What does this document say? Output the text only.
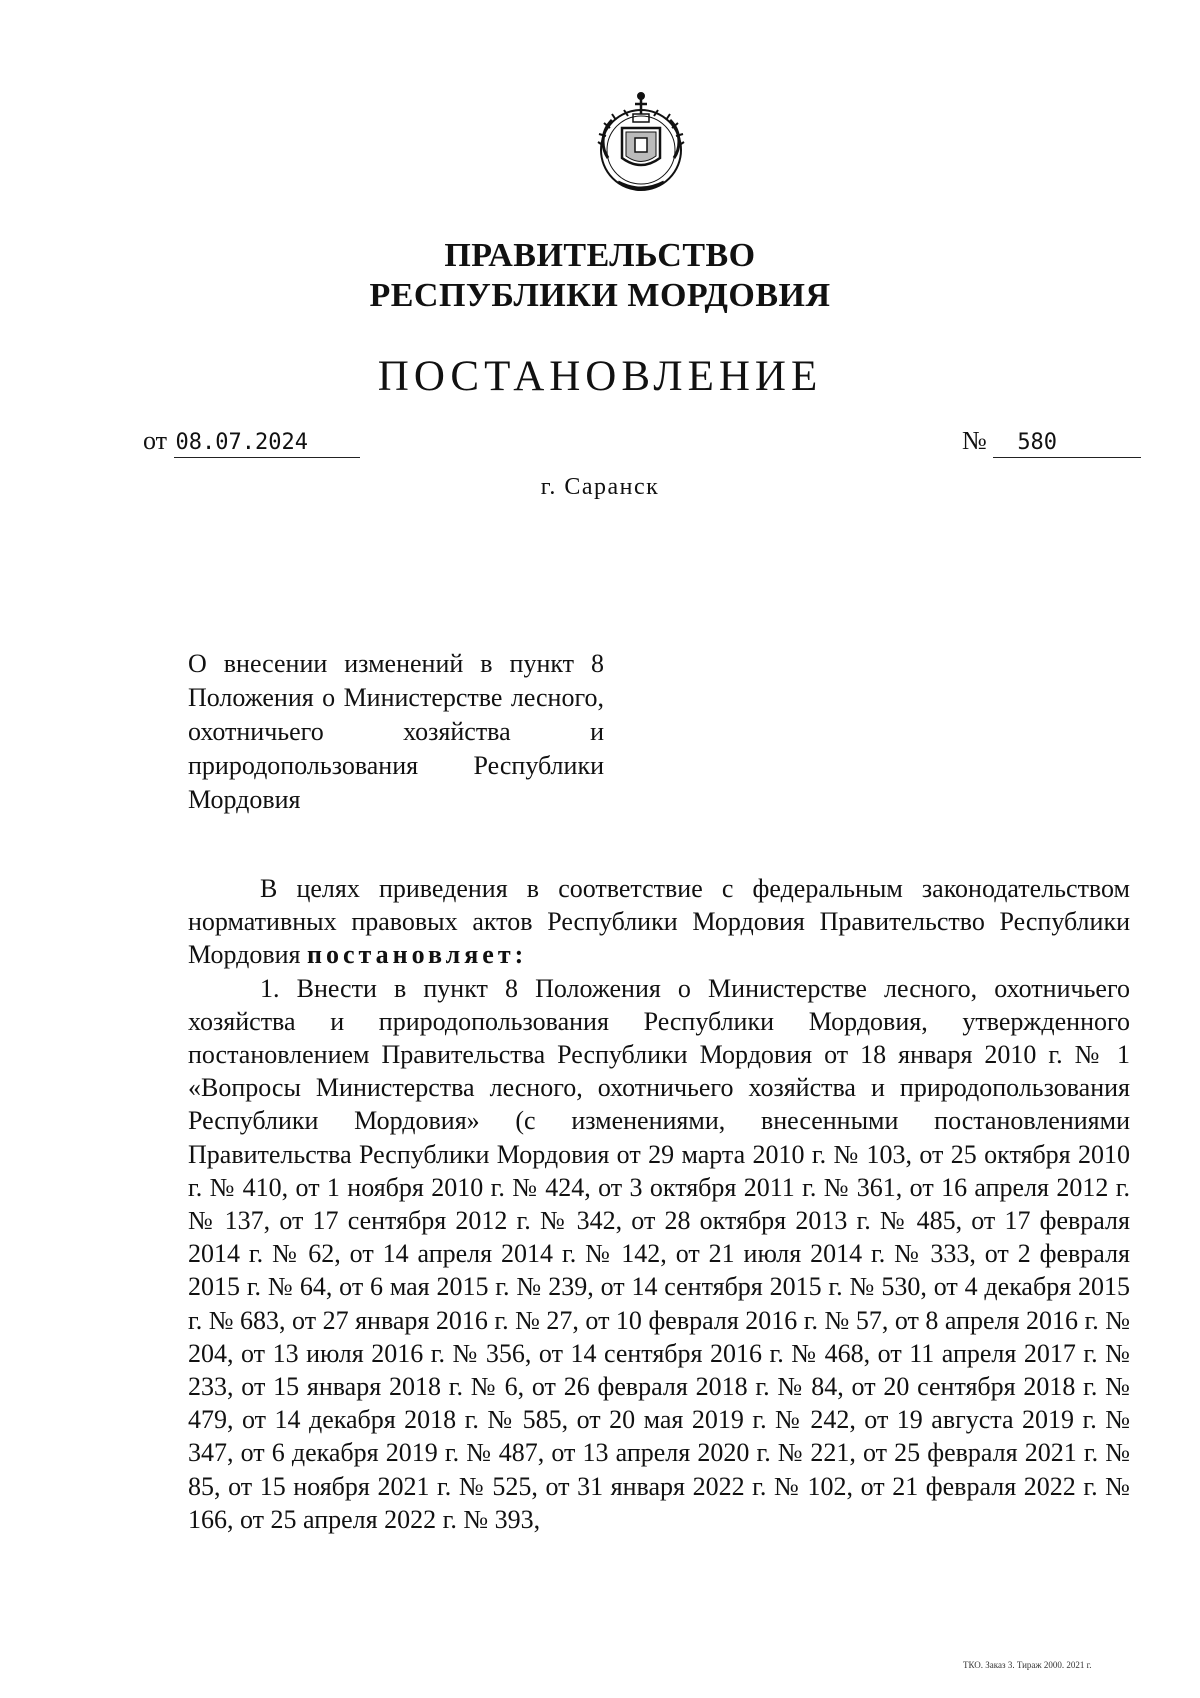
ПРАВИТЕЛЬСТВО
РЕСПУБЛИКИ МОРДОВИЯ
ПОСТАНОВЛЕНИЕ
от 08.07.2024	№ 580
г. Саранск
О внесении изменений в пункт 8 Положения о Министерстве лесного, охотничьего хозяйства и природопользования Республики Мордовия

В целях приведения в соответствие с федеральным законодательством нормативных правовых актов Республики Мордовия Правительство Республики Мордовия постановляет:

1. Внести в пункт 8 Положения о Министерстве лесного, охотничьего хозяйства и природопользования Республики Мордовия, утвержденного постановлением Правительства Республики Мордовия от 18 января 2010 г. № 1 «Вопросы Министерства лесного, охотничьего хозяйства и природопользования Республики Мордовия» (с изменениями, внесенными постановлениями Правительства Республики Мордовия от 29 марта 2010 г. № 103, от 25 октября 2010 г. № 410, от 1 ноября 2010 г. № 424, от 3 октября 2011 г. № 361, от 16 апреля 2012 г. № 137, от 17 сентября 2012 г. № 342, от 28 октября 2013 г. № 485, от 17 февраля 2014 г. № 62, от 14 апреля 2014 г. № 142, от 21 июля 2014 г. № 333, от 2 февраля 2015 г. № 64, от 6 мая 2015 г. № 239, от 14 сентября 2015 г. № 530, от 4 декабря 2015 г. № 683, от 27 января 2016 г. № 27, от 10 февраля 2016 г. № 57, от 8 апреля 2016 г. № 204, от 13 июля 2016 г. № 356, от 14 сентября 2016 г. № 468, от 11 апреля 2017 г. № 233, от 15 января 2018 г. № 6, от 26 февраля 2018 г. № 84, от 20 сентября 2018 г. № 479, от 14 декабря 2018 г. № 585, от 20 мая 2019 г. № 242, от 19 августа 2019 г. № 347, от 6 декабря 2019 г. № 487, от 13 апреля 2020 г. № 221, от 25 февраля 2021 г. № 85, от 15 ноября 2021 г. № 525, от 31 января 2022 г. № 102, от 21 февраля 2022 г. № 166, от 25 апреля 2022 г. № 393,

ТКО. Заказ 3. Тираж 2000. 2021 г.
